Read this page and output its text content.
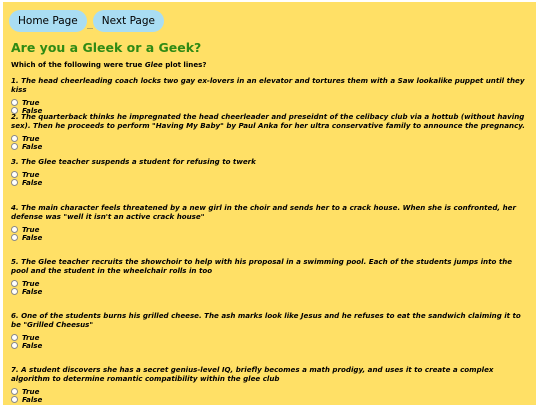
Home Page	Next Page
Are you a Gleek or a Geek?

Which of the following were true Glee plot lines?

1. The head cheerleading coach locks two gay ex-lovers in an elevator and tortures them with a Saw lookalike puppet until they kiss

True
False

2. The quarterback thinks he impregnated the head cheerleader and preseidnt of the celibacy club via a hottub (without having sex). Then he proceeds to perform "Having My Baby" by Paul Anka for her ultra conservative family to announce the pregnancy.

True
False

3. The Glee teacher suspends a student for refusing to twerk

True
False

4. The main character feels threatened by a new girl in the choir and sends her to a crack house. When she is confronted, her defense was "well it isn't an active crack house"

True
False

5. The Glee teacher recruits the showchoir to help with his proposal in a swimming pool. Each of the students jumps into the pool and the student in the wheelchair rolls in too

True
False

6. One of the students burns his grilled cheese. The ash marks look like Jesus and he refuses to eat the sandwich claiming it to be "Grilled Cheesus"

True
False

7. A student discovers she has a secret genius-level IQ, briefly becomes a math prodigy, and uses it to create a complex algorithm to determine romantic compatibility within the glee club

True
False
